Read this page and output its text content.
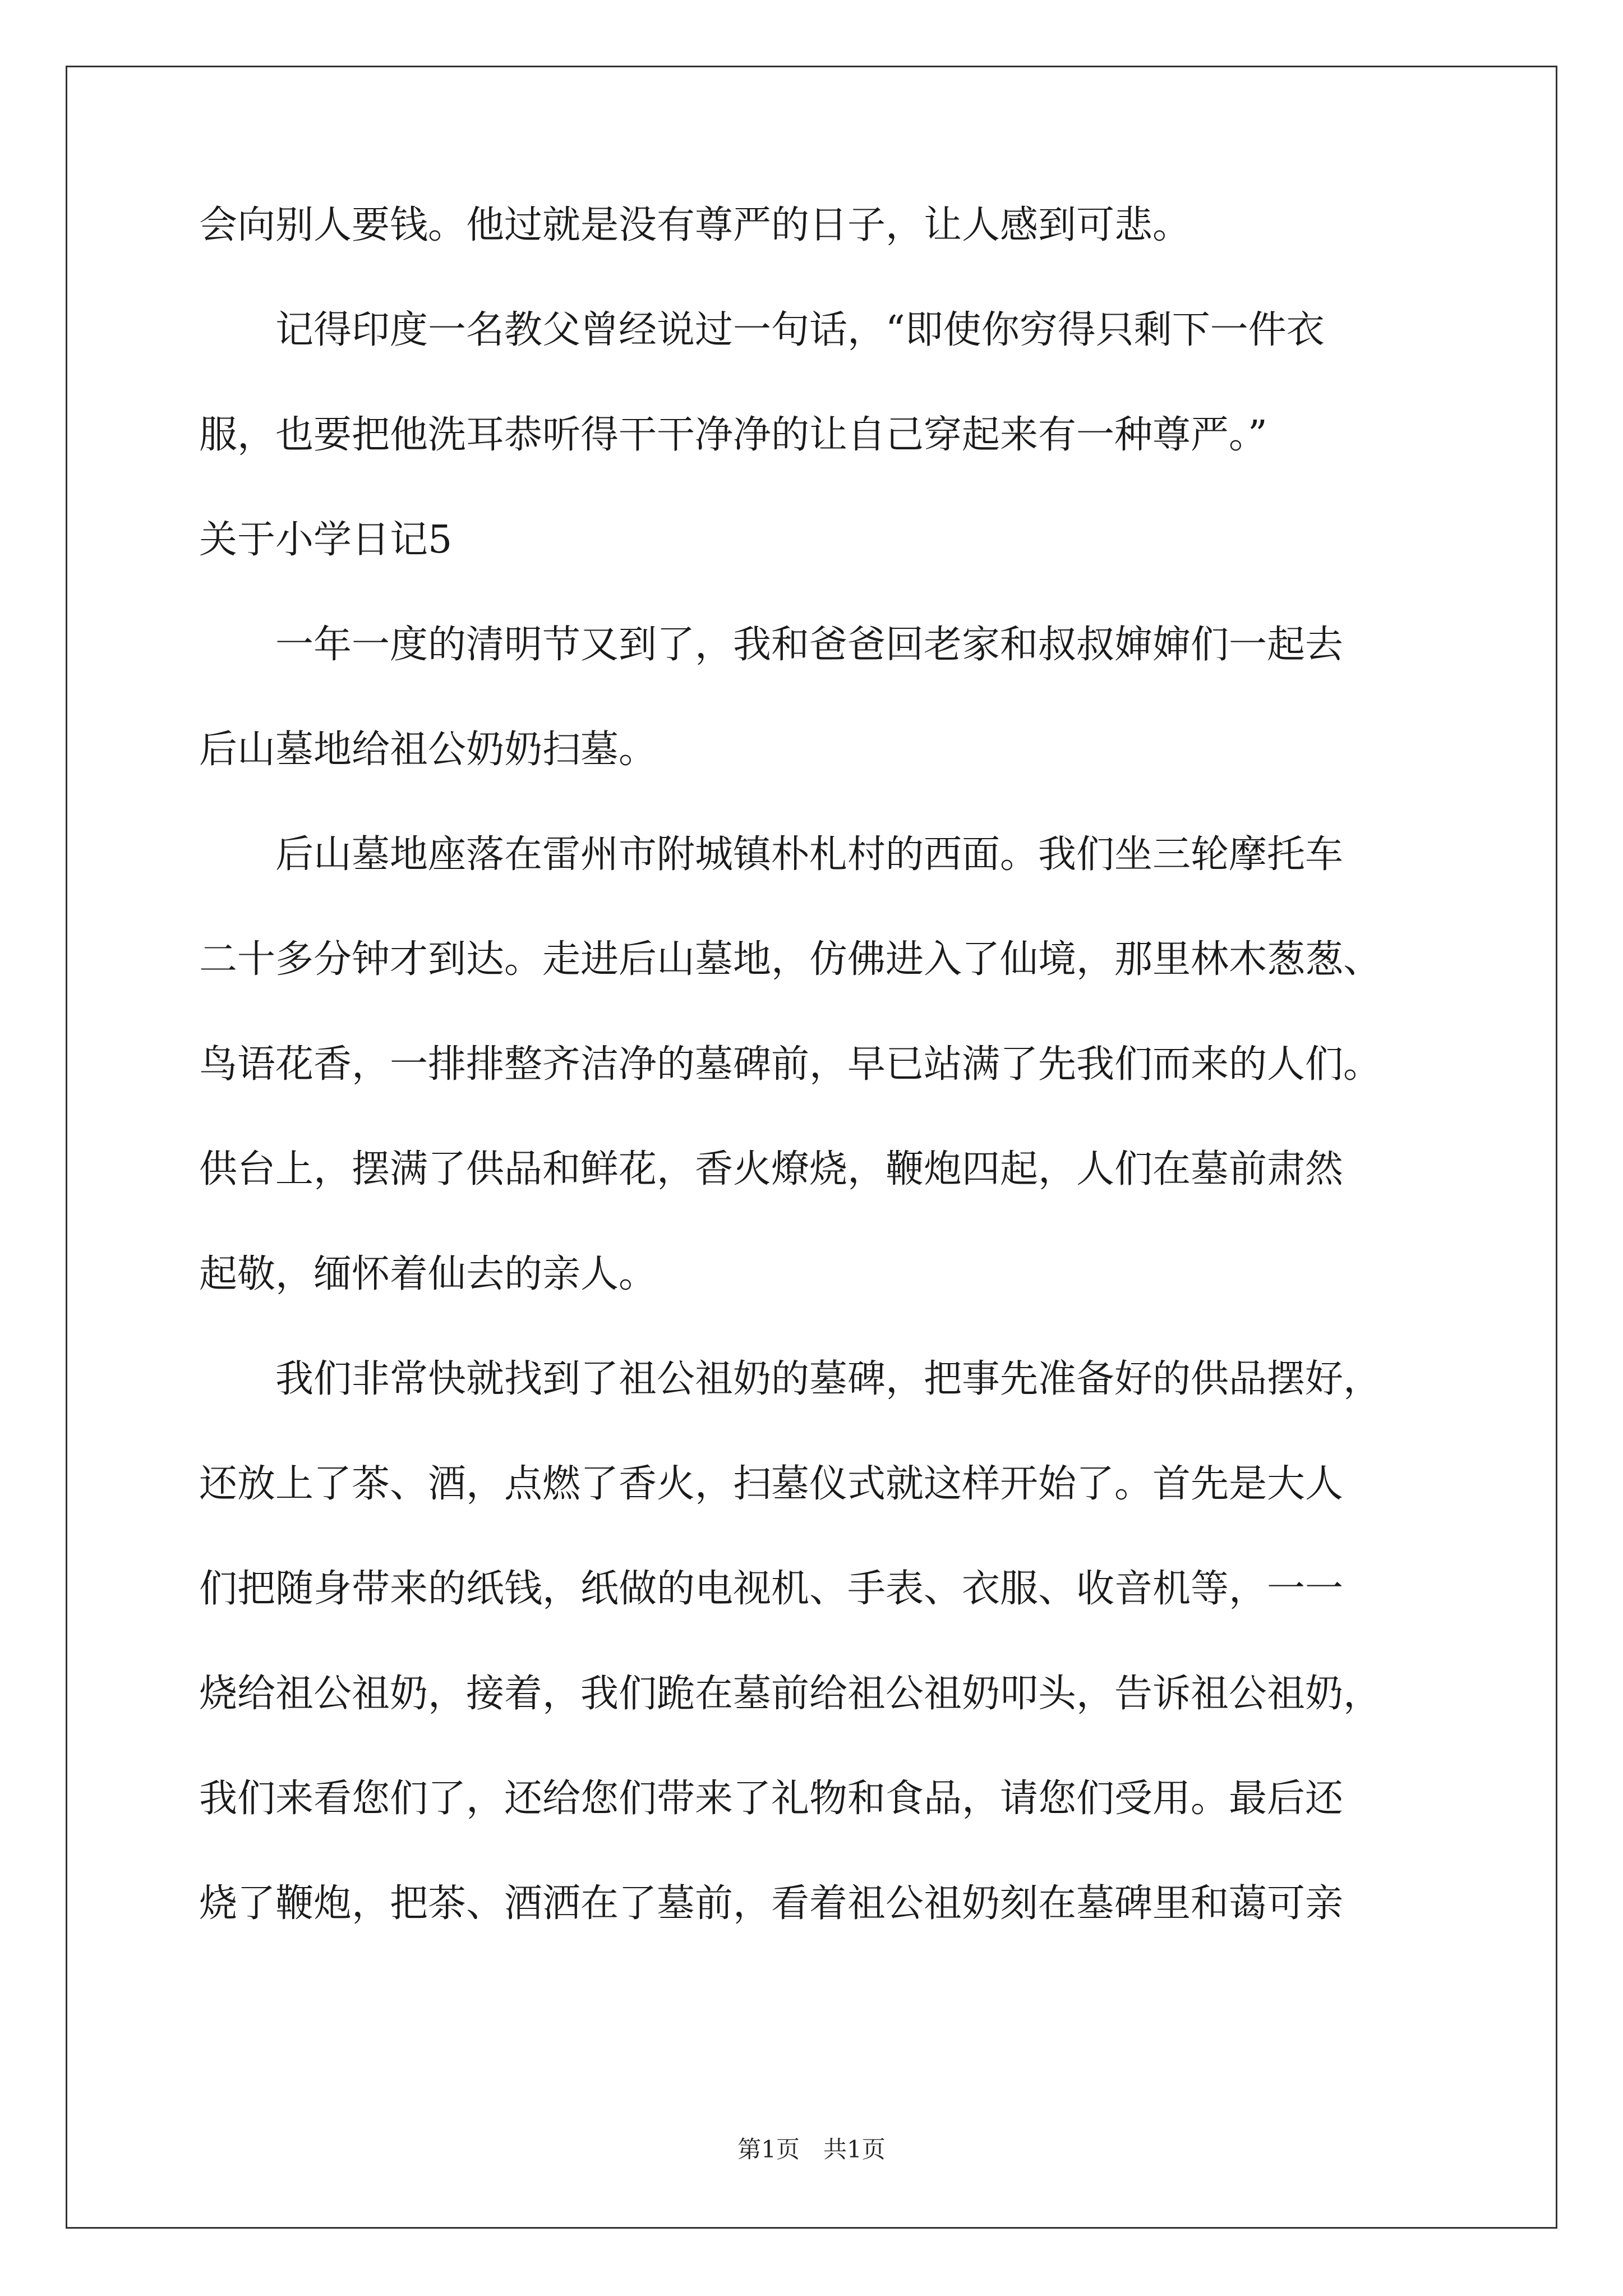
会向别人要钱。他过就是没有尊严的日子，让人感到可悲。
记得印度一名教父曾经说过一句话，“即使你穷得只剩下一件衣
服，也要把他洗耳恭听得干干净净的让自己穿起来有一种尊严。”
关于小学日记5
一年一度的清明节又到了，我和爸爸回老家和叔叔婶婶们一起去
后山墓地给祖公奶奶扫墓。
后山墓地座落在雷州市附城镇朴札村的西面。我们坐三轮摩托车
二十多分钟才到达。走进后山墓地，仿佛进入了仙境，那里林木葱葱、
鸟语花香，一排排整齐洁净的墓碑前，早已站满了先我们而来的人们。
供台上，摆满了供品和鲜花，香火燎烧，鞭炮四起，人们在墓前肃然
起敬，缅怀着仙去的亲人。
我们非常快就找到了祖公祖奶的墓碑，把事先准备好的供品摆好，
还放上了茶、酒，点燃了香火，扫墓仪式就这样开始了。首先是大人
们把随身带来的纸钱，纸做的电视机、手表、衣服、收音机等，一一
烧给祖公祖奶，接着，我们跪在墓前给祖公祖奶叩头，告诉祖公祖奶，
我们来看您们了，还给您们带来了礼物和食品，请您们受用。最后还
烧了鞭炮，把茶、酒洒在了墓前，看着祖公祖奶刻在墓碑里和蔼可亲
第1页　共1页
